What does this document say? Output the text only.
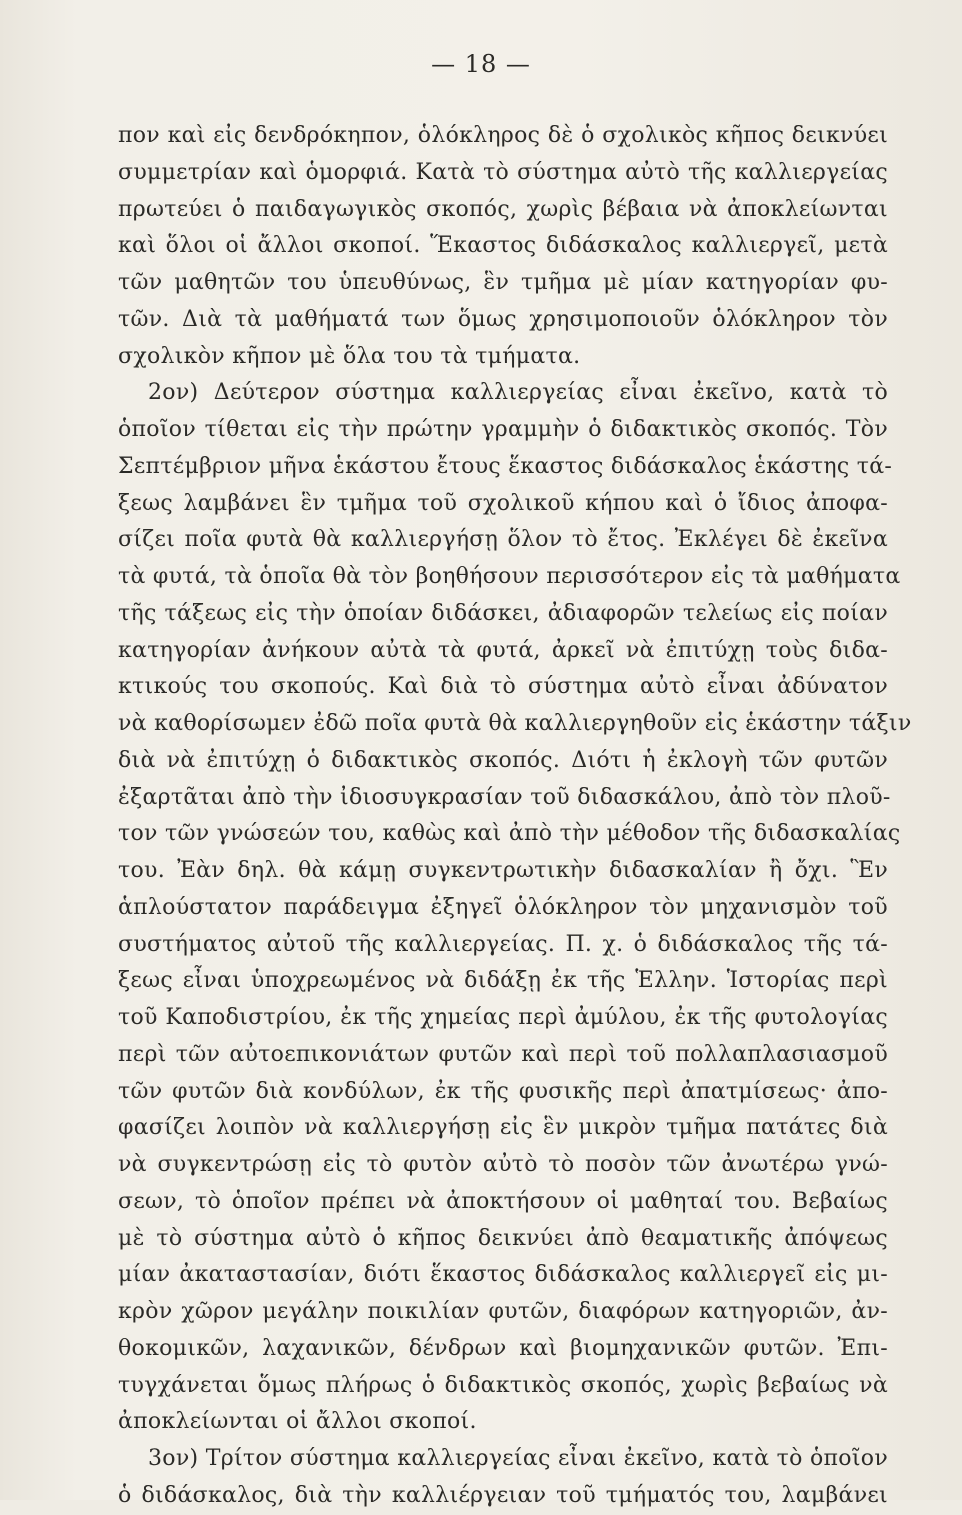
— 18 —
πον καὶ εἰς δενδρόκηπον, ὁλόκληρος δὲ ὁ σχολικὸς κῆπος δεικνύει
συμμετρίαν καὶ ὁμορφιά. Κατὰ τὸ σύστημα αὐτὸ τῆς καλλιεργείας
πρωτεύει ὁ παιδαγωγικὸς σκοπός, χωρὶς βέβαια νὰ ἀποκλείωνται
καὶ ὅλοι οἱ ἄλλοι σκοποί. Ἕκαστος διδάσκαλος καλλιεργεῖ, μετὰ
τῶν μαθητῶν του ὑπευθύνως, ἓν τμῆμα μὲ μίαν κατηγορίαν φυ-
τῶν. Διὰ τὰ μαθήματά των ὅμως χρησιμοποιοῦν ὁλόκληρον τὸν
σχολικὸν κῆπον μὲ ὅλα του τὰ τμήματα.
2ον) Δεύτερον σύστημα καλλιεργείας εἶναι ἐκεῖνο, κατὰ τὸ
ὁποῖον τίθεται εἰς τὴν πρώτην γραμμὴν ὁ διδακτικὸς σκοπός. Τὸν
Σεπτέμβριον μῆνα ἑκάστου ἔτους ἕκαστος διδάσκαλος ἑκάστης τά-
ξεως λαμβάνει ἓν τμῆμα τοῦ σχολικοῦ κήπου καὶ ὁ ἴδιος ἀποφα-
σίζει ποῖα φυτὰ θὰ καλλιεργήσῃ ὅλον τὸ ἔτος. Ἐκλέγει δὲ ἐκεῖνα
τὰ φυτά, τὰ ὁποῖα θὰ τὸν βοηθήσουν περισσότερον εἰς τὰ μαθήματα
τῆς τάξεως εἰς τὴν ὁποίαν διδάσκει, ἀδιαφορῶν τελείως εἰς ποίαν
κατηγορίαν ἀνήκουν αὐτὰ τὰ φυτά, ἀρκεῖ νὰ ἐπιτύχῃ τοὺς διδα-
κτικούς του σκοπούς. Καὶ διὰ τὸ σύστημα αὐτὸ εἶναι ἀδύνατον
νὰ καθορίσωμεν ἐδῶ ποῖα φυτὰ θὰ καλλιεργηθοῦν εἰς ἑκάστην τάξιν
διὰ νὰ ἐπιτύχῃ ὁ διδακτικὸς σκοπός. Διότι ἡ ἐκλογὴ τῶν φυτῶν
ἐξαρτᾶται ἀπὸ τὴν ἰδιοσυγκρασίαν τοῦ διδασκάλου, ἀπὸ τὸν πλοῦ-
τον τῶν γνώσεών του, καθὼς καὶ ἀπὸ τὴν μέθοδον τῆς διδασκαλίας
του. Ἐὰν δηλ. θὰ κάμῃ συγκεντρωτικὴν διδασκαλίαν ἢ ὄχι. Ἓν
ἁπλούστατον παράδειγμα ἐξηγεῖ ὁλόκληρον τὸν μηχανισμὸν τοῦ
συστήματος αὐτοῦ τῆς καλλιεργείας. Π. χ. ὁ διδάσκαλος τῆς τά-
ξεως εἶναι ὑποχρεωμένος νὰ διδάξῃ ἐκ τῆς Ἑλλην. Ἱστορίας περὶ
τοῦ Καποδιστρίου, ἐκ τῆς χημείας περὶ ἀμύλου, ἐκ τῆς φυτολογίας
περὶ τῶν αὐτοεπικονιάτων φυτῶν καὶ περὶ τοῦ πολλαπλασιασμοῦ
τῶν φυτῶν διὰ κονδύλων, ἐκ τῆς φυσικῆς περὶ ἀπατμίσεως· ἀπο-
φασίζει λοιπὸν νὰ καλλιεργήσῃ εἰς ἓν μικρὸν τμῆμα πατάτες διὰ
νὰ συγκεντρώσῃ εἰς τὸ φυτὸν αὐτὸ τὸ ποσὸν τῶν ἀνωτέρω γνώ-
σεων, τὸ ὁποῖον πρέπει νὰ ἀποκτήσουν οἱ μαθηταί του. Βεβαίως
μὲ τὸ σύστημα αὐτὸ ὁ κῆπος δεικνύει ἀπὸ θεαματικῆς ἀπόψεως
μίαν ἀκαταστασίαν, διότι ἕκαστος διδάσκαλος καλλιεργεῖ εἰς μι-
κρὸν χῶρον μεγάλην ποικιλίαν φυτῶν, διαφόρων κατηγοριῶν, ἀν-
θοκομικῶν, λαχανικῶν, δένδρων καὶ βιομηχανικῶν φυτῶν. Ἐπι-
τυγχάνεται ὅμως πλήρως ὁ διδακτικὸς σκοπός, χωρὶς βεβαίως νὰ
ἀποκλείωνται οἱ ἄλλοι σκοποί.
3ον) Τρίτον σύστημα καλλιεργείας εἶναι ἐκεῖνο, κατὰ τὸ ὁποῖον
ὁ διδάσκαλος, διὰ τὴν καλλιέργειαν τοῦ τμήματός του, λαμβάνει
